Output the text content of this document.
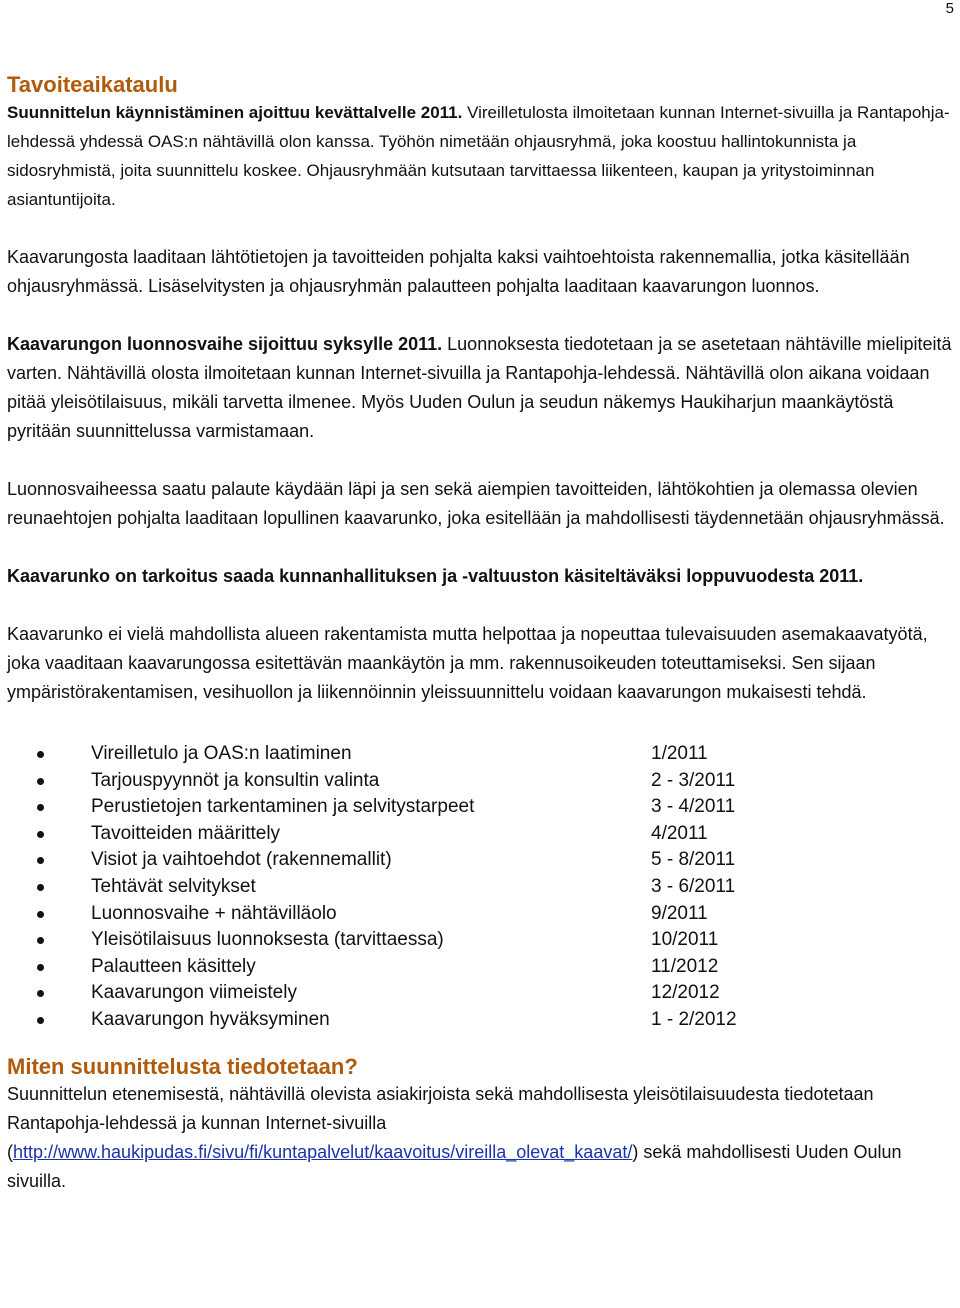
5
Tavoiteaikataulu

Suunnittelun käynnistäminen ajoittuu kevättalvelle 2011. Vireilletulosta ilmoitetaan kunnan Internet-sivuilla ja Rantapohja-lehdessä yhdessä OAS:n nähtävillä olon kanssa. Työhön nimetään ohjausryhmä, joka koostuu hallintokunnista ja sidosryhmistä, joita suunnittelu koskee. Ohjausryhmään kutsutaan tarvittaessa liikenteen, kaupan ja yritystoiminnan asiantuntijoita.

Kaavarungosta laaditaan lähtötietojen ja tavoitteiden pohjalta kaksi vaihtoehtoista rakennemallia, jotka käsitellään ohjausryhmässä. Lisäselvitysten ja ohjausryhmän palautteen pohjalta laaditaan kaavarungon luonnos.

Kaavarungon luonnosvaihe sijoittuu syksylle 2011. Luonnoksesta tiedotetaan ja se asetetaan nähtäville mielipiteitä varten. Nähtävillä olosta ilmoitetaan kunnan Internet-sivuilla ja Rantapohja-lehdessä. Nähtävillä olon aikana voidaan pitää yleisötilaisuus, mikäli tarvetta ilmenee. Myös Uuden Oulun ja seudun näkemys Haukiharjun maankäytöstä pyritään suunnittelussa varmistamaan.

Luonnosvaiheessa saatu palaute käydään läpi ja sen sekä aiempien tavoitteiden, lähtökohtien ja olemassa olevien reunaehtojen pohjalta laaditaan lopullinen kaavarunko, joka esitellään ja mahdollisesti täydennetään ohjausryhmässä.

Kaavarunko on tarkoitus saada kunnanhallituksen ja -valtuuston käsiteltäväksi loppuvuodesta 2011.

Kaavarunko ei vielä mahdollista alueen rakentamista mutta helpottaa ja nopeuttaa tulevaisuuden asemakaavatyötä, joka vaaditaan kaavarungossa esitettävän maankäytön ja mm. rakennusoikeuden toteuttamiseksi. Sen sijaan ympäristörakentamisen, vesihuollon ja liikennöinnin yleissuunnittelu voidaan kaavarungon mukaisesti tehdä.

Vireilletulo ja OAS:n laatiminen	1/2011
Tarjouspyynnöt ja konsultin valinta	2 - 3/2011
Perustietojen tarkentaminen ja selvitystarpeet	3 - 4/2011
Tavoitteiden määrittely	4/2011
Visiot ja vaihtoehdot (rakennemallit)	5 - 8/2011
Tehtävät selvitykset	3 - 6/2011
Luonnosvaihe + nähtävilläolo	9/2011
Yleisötilaisuus luonnoksesta (tarvittaessa)	10/2011
Palautteen käsittely	11/2012
Kaavarungon viimeistely	12/2012
Kaavarungon hyväksyminen	1 - 2/2012
Miten suunnittelusta tiedotetaan?

Suunnittelun etenemisestä, nähtävillä olevista asiakirjoista sekä mahdollisesta yleisötilaisuudesta tiedotetaan Rantapohja-lehdessä ja kunnan Internet-sivuilla (http://www.haukipudas.fi/sivu/fi/kuntapalvelut/kaavoitus/vireilla_olevat_kaavat/) sekä mahdollisesti Uuden Oulun sivuilla.
